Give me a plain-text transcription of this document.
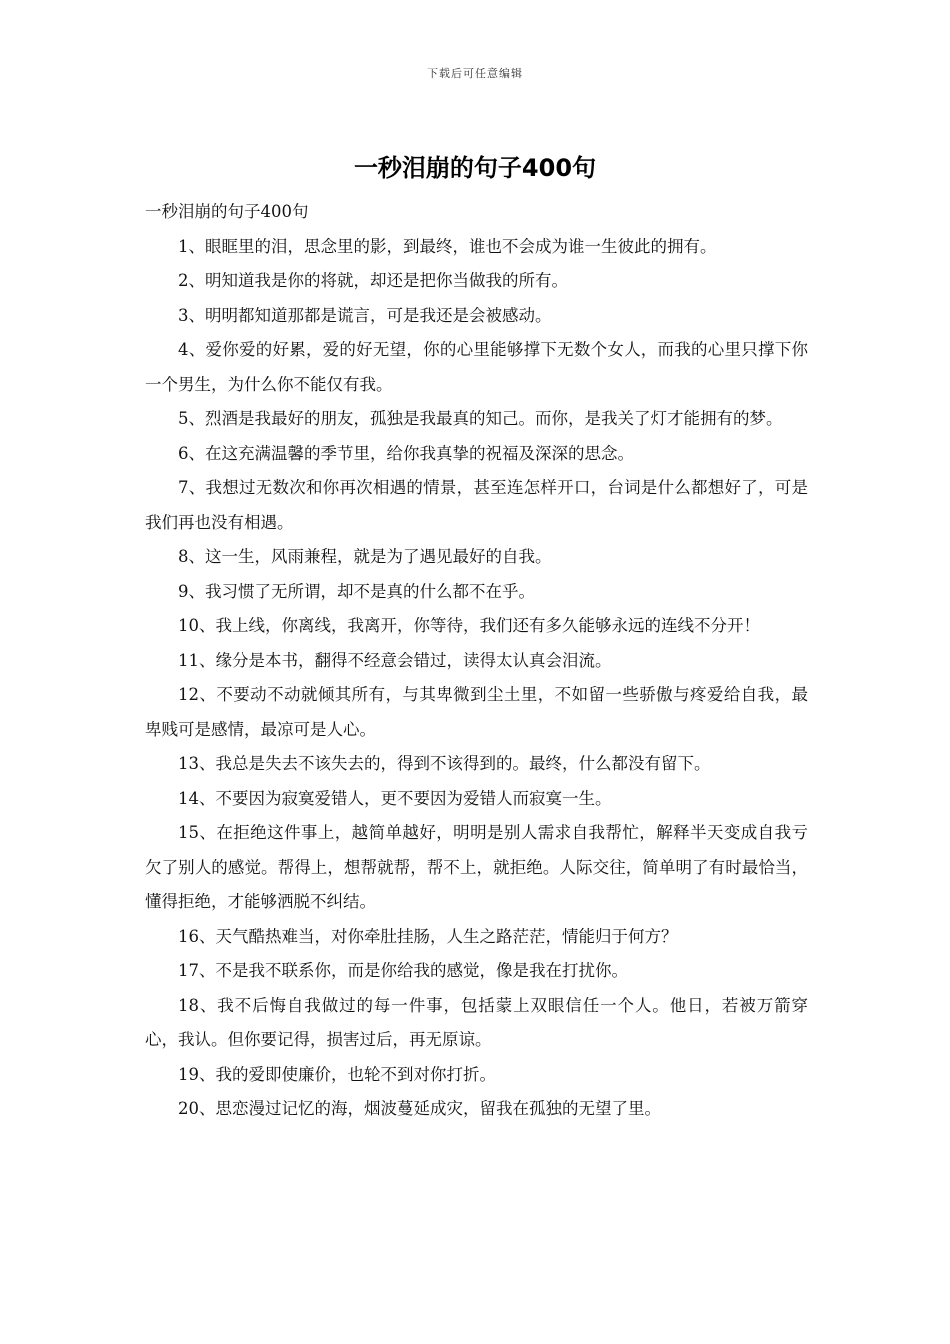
下载后可任意编辑
一秒泪崩的句子400句

一秒泪崩的句子400句

1、眼眶里的泪，思念里的影，到最终，谁也不会成为谁一生彼此的拥有。

2、明知道我是你的将就，却还是把你当做我的所有。

3、明明都知道那都是谎言，可是我还是会被感动。

4、爱你爱的好累，爱的好无望，你的心里能够撑下无数个女人，而我的心里只撑下你一个男生，为什么你不能仅有我。

5、烈酒是我最好的朋友，孤独是我最真的知己。而你，是我关了灯才能拥有的梦。

6、在这充满温馨的季节里，给你我真挚的祝福及深深的思念。

7、我想过无数次和你再次相遇的情景，甚至连怎样开口，台词是什么都想好了，可是我们再也没有相遇。

8、这一生，风雨兼程，就是为了遇见最好的自我。

9、我习惯了无所谓，却不是真的什么都不在乎。

10、我上线，你离线，我离开，你等待，我们还有多久能够永远的连线不分开！

11、缘分是本书，翻得不经意会错过，读得太认真会泪流。

12、不要动不动就倾其所有，与其卑微到尘土里，不如留一些骄傲与疼爱给自我，最卑贱可是感情，最凉可是人心。

13、我总是失去不该失去的，得到不该得到的。最终，什么都没有留下。

14、不要因为寂寞爱错人，更不要因为爱错人而寂寞一生。

15、在拒绝这件事上，越简单越好，明明是别人需求自我帮忙，解释半天变成自我亏欠了别人的感觉。帮得上，想帮就帮，帮不上，就拒绝。人际交往，简单明了有时最恰当，懂得拒绝，才能够洒脱不纠结。

16、天气酷热难当，对你牵肚挂肠，人生之路茫茫，情能归于何方？

17、不是我不联系你，而是你给我的感觉，像是我在打扰你。

18、我不后悔自我做过的每一件事，包括蒙上双眼信任一个人。他日，若被万箭穿心，我认。但你要记得，损害过后，再无原谅。

19、我的爱即使廉价，也轮不到对你打折。

20、思恋漫过记忆的海，烟波蔓延成灾，留我在孤独的无望了里。
